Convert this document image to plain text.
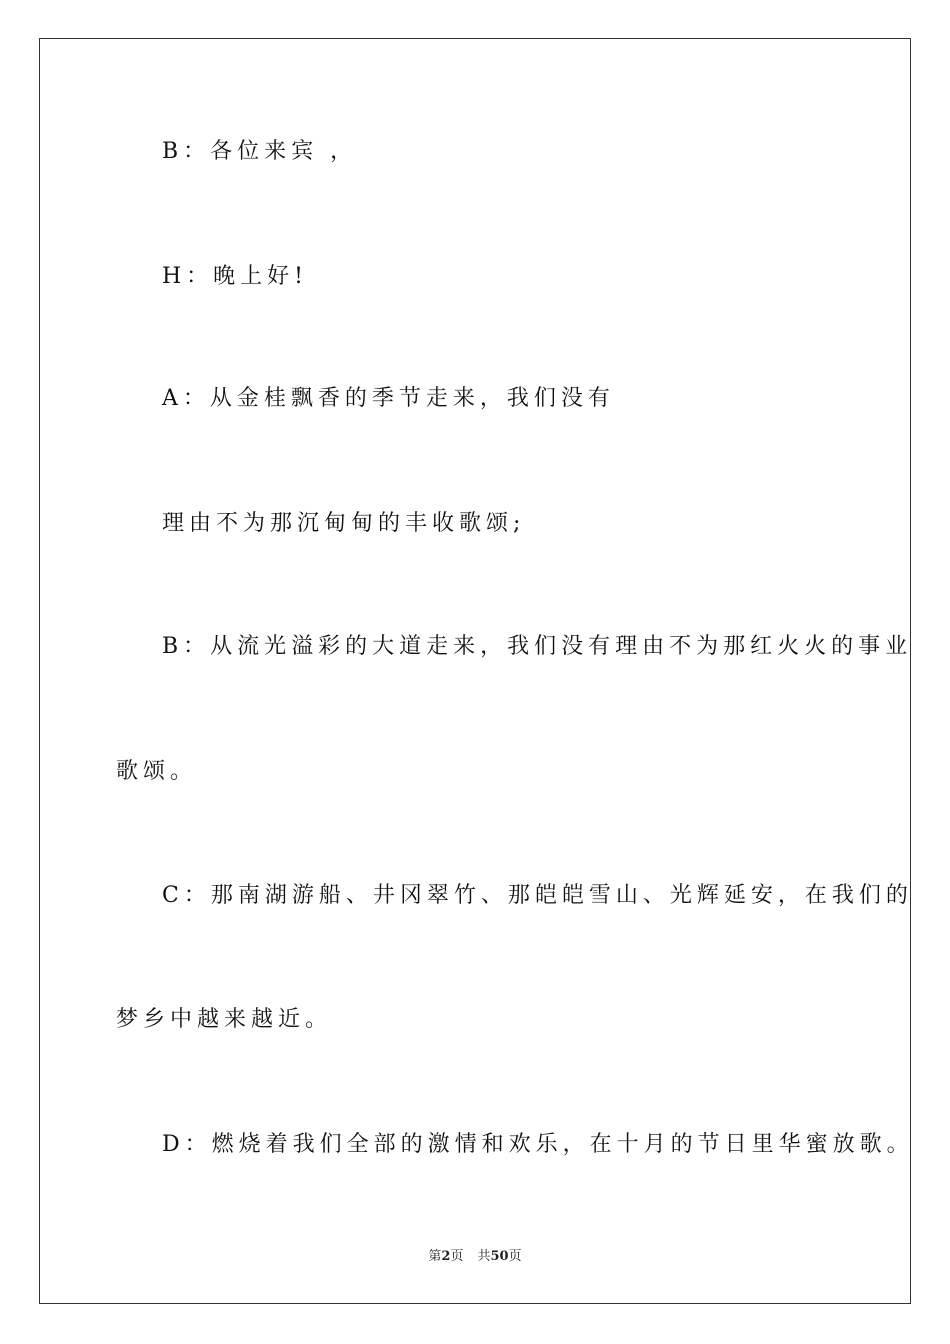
B：各位来宾 ，
H：晚上好!
A：从金桂飘香的季节走来，我们没有
理由不为那沉甸甸的丰收歌颂;
B：从流光溢彩的大道走来，我们没有理由不为那红火火的事业
歌颂。
C：那南湖游船、井冈翠竹、那皑皑雪山、光辉延安，在我们的
梦乡中越来越近。
D：燃烧着我们全部的激情和欢乐，在十月的节日里华蜜放歌。
第2页 共50页
